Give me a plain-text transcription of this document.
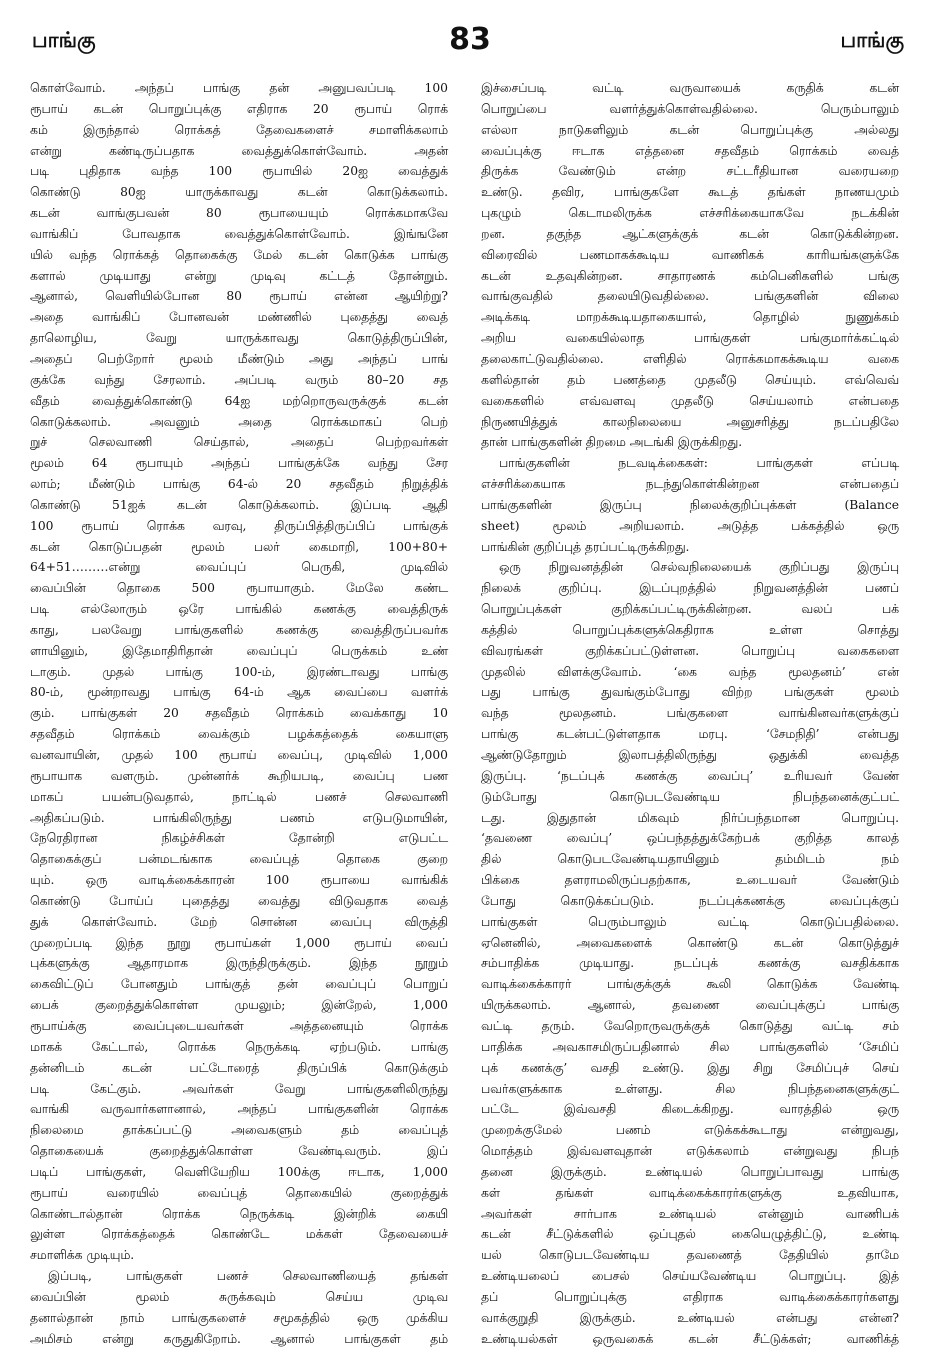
பாங்கு	83	பாங்கு
கொள்வோம். அந்தப் பாங்கு தன் அனுபவப்படி 100
ரூபாய் கடன் பொறுப்புக்கு எதிராக 20 ரூபாய் ரொக்
கம் இருந்தால் ரொக்கத் தேவைகளைச் சமாளிக்கலாம்
என்று கண்டிருப்பதாக வைத்துக்கொள்வோம். அதன்
படி புதிதாக வந்த 100 ரூபாயில் 20ஐ வைத்துக்
கொண்டு 80ஐ யாருக்காவது கடன் கொடுக்கலாம்.
கடன் வாங்குபவன் 80 ரூபாயையும் ரொக்கமாகவே
வாங்கிப் போவதாக வைத்துக்கொள்வோம். இங்ஙனே
யில் வந்த ரொக்கத் தொகைக்கு மேல் கடன் கொடுக்க பாங்கு
களால் முடியாது என்று முடிவு கட்டத் தோன்றும்.
ஆனால், வெளியில்போன 80 ரூபாய் என்ன ஆயிற்று?
அதை வாங்கிப் போனவன் மண்ணில் புதைத்து வைத்
தாலொழிய, வேறு யாருக்காவது கொடுத்திருப்பின்,
அதைப் பெற்றோர் மூலம் மீண்டும் அது அந்தப் பாங்
குக்கே வந்து சேரலாம். அப்படி வரும் 80–20 சத
வீதம் வைத்துக்கொண்டு 64ஐ மற்றொருவருக்குக் கடன்
கொடுக்கலாம். அவனும் அதை ரொக்கமாகப் பெற்
றுச் செலவாணி செய்தால், அதைப் பெற்றவர்கள்
மூலம் 64 ரூபாயும் அந்தப் பாங்குக்கே வந்து சேர
லாம்; மீண்டும் பாங்கு 64-ல் 20 சதவீதம் நிறுத்திக்
கொண்டு 51ஐக் கடன் கொடுக்கலாம். இப்படி ஆதி
100 ரூபாய் ரொக்க வரவு, திருப்பித்திருப்பிப் பாங்குக்
கடன் கொடுப்பதன் மூலம் பலர் கைமாறி, 100+80+
64+51………என்று வைப்புப் பெருகி, முடிவில்
வைப்பின் தொகை 500 ரூபாயாகும். மேலே கண்ட
படி எல்லோரும் ஒரே பாங்கில் கணக்கு வைத்திருக்
காது, பலவேறு பாங்குகளில் கணக்கு வைத்திருப்பவர்க
ளாயினும், இதேமாதிரிதான் வைப்புப் பெருக்கம் உண்
டாகும். முதல் பாங்கு 100-ம், இரண்டாவது பாங்கு
80-ம், மூன்றாவது பாங்கு 64-ம் ஆக வைப்பை வளர்க்
கும். பாங்குகள் 20 சதவீதம் ரொக்கம் வைக்காது 10
சதவீதம் ரொக்கம் வைக்கும் பழக்கத்தைக் கையாளு
வனவாயின், முதல் 100 ரூபாய் வைப்பு, முடிவில் 1,000
ரூபாயாக வளரும். முன்னர்க் கூறியபடி, வைப்பு பண
மாகப் பயன்படுவதால், நாட்டில் பணச் செலவாணி
அதிகப்படும். பாங்கிலிருந்து பணம் எடுபடுமாயின்,
நேரெதிரான நிகழ்ச்சிகள் தோன்றி எடுபட்ட
தொகைக்குப் பன்மடங்காக வைப்புத் தொகை குறை
யும். ஒரு வாடிக்கைக்காரன் 100 ரூபாயை வாங்கிக்
கொண்டு போய்ப் புதைத்து வைத்து விடுவதாக வைத்
துக் கொள்வோம். மேற் சொன்ன வைப்பு விருத்தி
முறைப்படி இந்த நூறு ரூபாய்கள் 1,000 ரூபாய் வைப்
புக்களுக்கு ஆதாரமாக இருந்திருக்கும். இந்த நூறும்
கைவிட்டுப் போனதும் பாங்குத் தன் வைப்புப் பொறுப்
பைக் குறைத்துக்கொள்ள முயலும்; இன்றேல், 1,000
ரூபாய்க்கு வைப்புடையவர்கள் அத்தனையும் ரொக்க
மாகக் கேட்டால், ரொக்க நெருக்கடி ஏற்படும். பாங்கு
தன்னிடம் கடன் பட்டோரைத் திருப்பிக் கொடுக்கும்
படி கேட்கும். அவர்கள் வேறு பாங்குகளிலிருந்து
வாங்கி வருவார்களானால், அந்தப் பாங்குகளின் ரொக்க
நிலைமை தாக்கப்பட்டு அவைகளும் தம் வைப்புத்
தொகையைக் குறைத்துக்கொள்ள வேண்டிவரும். இப்
படிப் பாங்குகள், வெளியேறிய 100க்கு ஈடாக, 1,000
ரூபாய் வரையில் வைப்புத் தொகையில் குறைத்துக்
கொண்டால்தான் ரொக்க நெருக்கடி இன்றிக் கையி
லுள்ள ரொக்கத்தைக் கொண்டே மக்கள் தேவையைச்
சமாளிக்க முடியும்.
இப்படி, பாங்குகள் பணச் செலவாணியைத் தங்கள்
வைப்பின் மூலம் சுருக்கவும் செய்ய முடிவ
தனால்தான் நாம் பாங்குகளைச் சமூகத்தில் ஒரு முக்கிய
அமிசம் என்று கருதுகிறோம். ஆனால் பாங்குகள் தம்
இச்சைப்படி வட்டி வருவாயைக் கருதிக் கடன்
பொறுப்பை வளர்த்துக்கொள்வதில்லை. பெரும்பாலும்
எல்லா நாடுகளிலும் கடன் பொறுப்புக்கு அல்லது
வைப்புக்கு ஈடாக எத்தனை சதவீதம் ரொக்கம் வைத்
திருக்க வேண்டும் என்ற சட்டரீதியான வரையறை
உண்டு. தவிர, பாங்குகளே கூடத் தங்கள் நாணயமும்
புகழும் கெடாமலிருக்க எச்சரிக்கையாகவே நடக்கின்
றன. தகுந்த ஆட்களுக்குக் கடன் கொடுக்கின்றன.
விரைவில் பணமாகக்கூடிய வாணிகக் காரியங்களுக்கே
கடன் உதவுகின்றன. சாதாரணக் கம்பெனிகளில் பங்கு
வாங்குவதில் தலையிடுவதில்லை. பங்குகளின் விலை
அடிக்கடி மாறக்கூடியதாகையால், தொழில் நுணுக்கம்
அறிய வகையில்லாத பாங்குகள் பங்குமார்க்கட்டில்
தலைகாட்டுவதில்லை. எளிதில் ரொக்கமாகக்கூடிய வகை
களில்தான் தம் பணத்தை முதலீடு செய்யும். எவ்வெவ்
வகைகளில் எவ்வளவு முதலீடு செய்யலாம் என்பதை
நிருணயித்துக் காலநிலையை அனுசரித்து நடப்பதிலே
தான் பாங்குகளின் திறமை அடங்கி இருக்கிறது.
பாங்குகளின் நடவடிக்கைகள்: பாங்குகள் எப்படி
எச்சரிக்கையாக நடந்துகொள்கின்றன என்பதைப்
பாங்குகளின் இருப்பு நிலைக்குறிப்புக்கள் (Balance
sheet) மூலம் அறியலாம். அடுத்த பக்கத்தில் ஒரு
பாங்கின் குறிப்புத் தரப்பட்டிருக்கிறது.
ஒரு நிறுவனத்தின் செல்வநிலையைக் குறிப்பது இருப்பு
நிலைக் குறிப்பு. இடப்புறத்தில் நிறுவனத்தின் பணப்
பொறுப்புக்கள் குறிக்கப்பட்டிருக்கின்றன. வலப் பக்
கத்தில் பொறுப்புக்களுக்கெதிராக உள்ள சொத்து
விவரங்கள் குறிக்கப்பட்டுள்ளன. பொறுப்பு வகைகளை
முதலில் விளக்குவோம். ‘கை வந்த மூலதனம்’ என்
பது பாங்கு துவங்கும்போது விற்ற பங்குகள் மூலம்
வந்த மூலதனம். பங்குகளை வாங்கினவர்களுக்குப்
பாங்கு கடன்பட்டுள்ளதாக மரபு. ‘சேமநிதி’ என்பது
ஆண்டுதோறும் இலாபத்திலிருந்து ஒதுக்கி வைத்த
இருப்பு. ‘நடப்புக் கணக்கு வைப்பு’ உரியவர் வேண்
டும்போது கொடுபடவேண்டிய நிபந்தனைக்குட்பட்
டது. இதுதான் மிகவும் நிர்ப்பந்தமான பொறுப்பு.
‘தவணை வைப்பு’ ஒப்பந்தத்துக்கேற்பக் குறித்த காலத்
தில் கொடுபடவேண்டியதாயினும் தம்மிடம் நம்
பிக்கை தளராமலிருப்பதற்காக, உடையவர் வேண்டும்
போது கொடுக்கப்படும். நடப்புக்கணக்கு வைப்புக்குப்
பாங்குகள் பெரும்பாலும் வட்டி கொடுப்பதில்லை.
ஏனெனில், அவைகளைக் கொண்டு கடன் கொடுத்துச்
சம்பாதிக்க முடியாது. நடப்புக் கணக்கு வசதிக்காக
வாடிக்கைக்காரர் பாங்குக்குக் கூலி கொடுக்க வேண்டி
யிருக்கலாம். ஆனால், தவணை வைப்புக்குப் பாங்கு
வட்டி தரும். வேறொருவருக்குக் கொடுத்து வட்டி சம்
பாதிக்க அவகாசமிருப்பதினால் சில பாங்குகளில் ‘சேமிப்
புக் கணக்கு’ வசதி உண்டு. இது சிறு சேமிப்புச் செய்
பவர்களுக்காக உள்ளது. சில நிபந்தனைகளுக்குட்
பட்டே இவ்வசதி கிடைக்கிறது. வாரத்தில் ஒரு
முறைக்குமேல் பணம் எடுக்கக்கூடாது என்றுவது,
மொத்தம் இவ்வளவுதான் எடுக்கலாம் என்றுவது நிபந்
தனை இருக்கும். உண்டியல் பொறுப்பாவது பாங்கு
கள் தங்கள் வாடிக்கைக்காரர்களுக்கு உதவியாக,
அவர்கள் சார்பாக உண்டியல் என்னும் வாணிபக்
கடன் சீட்டுக்களில் ஒப்புதல் கையெழுத்திட்டு, உண்டி
யல் கொடுபடவேண்டிய தவணைத் தேதியில் தாமே
உண்டியலைப் பைசல் செய்யவேண்டிய பொறுப்பு. இத்
தப் பொறுப்புக்கு எதிராக வாடிக்கைக்காரர்களது
வாக்குறுதி இருக்கும். உண்டியல் என்பது என்ன?
உண்டியல்கள் ஒருவகைக் கடன் சீட்டுக்கள்; வாணிக்த்
